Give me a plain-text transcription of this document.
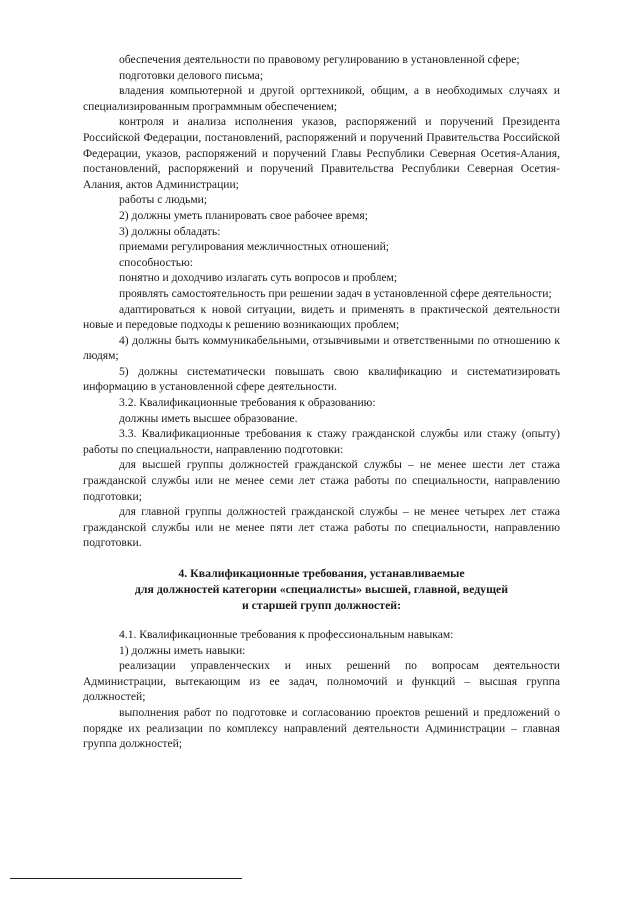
обеспечения деятельности по правовому регулированию в установленной сфере;

подготовки делового письма;

владения компьютерной и другой оргтехникой, общим, а в необходимых случаях и специализированным программным обеспечением;

контроля и анализа исполнения указов, распоряжений и поручений Президента Российской Федерации, постановлений, распоряжений и поручений Правительства Российской Федерации, указов, распоряжений и поручений Главы Республики Северная Осетия-Алания, постановлений, распоряжений и поручений Правительства Республики Северная Осетия-Алания, актов Администрации;

работы с людьми;

2) должны уметь планировать свое рабочее время;

3) должны обладать:

приемами регулирования межличностных отношений;

способностью:

понятно и доходчиво излагать суть вопросов и проблем;

проявлять самостоятельность при решении задач в установленной сфере деятельности;

адаптироваться к новой ситуации, видеть и применять в практической деятельности новые и передовые подходы к решению возникающих проблем;

4) должны быть коммуникабельными, отзывчивыми и ответственными по отношению к людям;

5) должны систематически повышать свою квалификацию и систематизировать информацию в установленной сфере деятельности.

3.2. Квалификационные требования к образованию:

должны иметь высшее образование.

3.3. Квалификационные требования к стажу гражданской службы или стажу (опыту) работы по специальности, направлению подготовки:

для высшей группы должностей гражданской службы – не менее шести лет стажа гражданской службы или не менее семи лет стажа работы по специальности, направлению подготовки;

для главной группы должностей гражданской службы – не менее четырех лет стажа гражданской службы или не менее пяти лет стажа работы по специальности, направлению подготовки.

4. Квалификационные требования, устанавливаемые
для должностей категории «специалисты» высшей, главной, ведущей
и старшей групп должностей:

4.1. Квалификационные требования к профессиональным навыкам:

1) должны иметь навыки:

реализации управленческих и иных решений по вопросам деятельности Администрации, вытекающим из ее задач, полномочий и функций – высшая группа должностей;

выполнения работ по подготовке и согласованию проектов решений и предложений о порядке их реализации по комплексу направлений деятельности Администрации – главная группа должностей;
